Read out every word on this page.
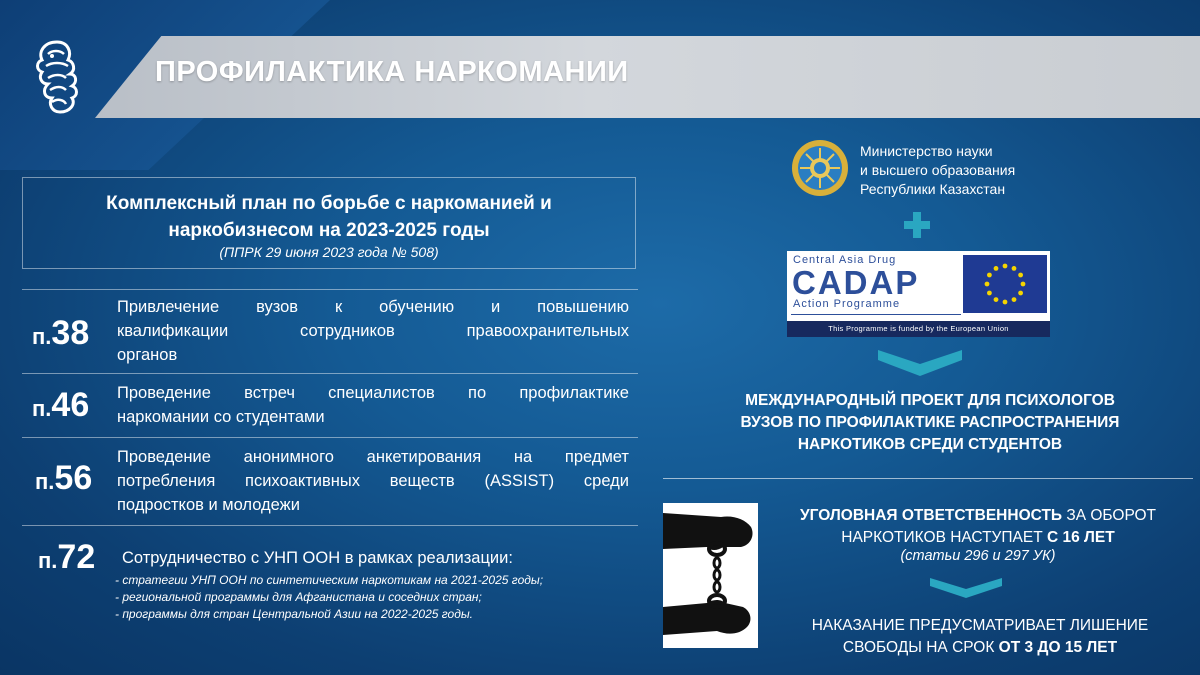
ПРОФИЛАКТИКА НАРКОМАНИИ
Комплексный план по борьбе с наркоманией и
наркобизнесом на 2023-2025 годы
(ППРК 29 июня 2023 года № 508)
п.38
Привлечение вузов к обучению и повышению
квалификации сотрудников правоохранительных
органов
п.46 Проведение встреч специалистов по профилактике
наркомании со студентами
п.56
Проведение анонимного анкетирования на предмет
потребления психоактивных веществ (ASSIST) среди
подростков и молодежи
п.72 Сотрудничество с УНП ООН в рамках реализации:
- стратегии УНП ООН по синтетическим наркотикам на 2021-2025 годы;
- региональной программы для Афганистана и соседних стран;
- программы для стран Центральной Азии на 2022-2025 годы.
Министерство науки
и высшего образования
Республики Казахстан
Central Asia Drug
CADAP
Action Programme
This Programme is funded by the European Union
МЕЖДУНАРОДНЫЙ ПРОЕКТ ДЛЯ ПСИХОЛОГОВ
ВУЗОВ ПО ПРОФИЛАКТИКЕ РАСПРОСТРАНЕНИЯ
НАРКОТИКОВ СРЕДИ СТУДЕНТОВ
УГОЛОВНАЯ ОТВЕТСТВЕННОСТЬ ЗА ОБОРОТ
НАРКОТИКОВ НАСТУПАЕТ С 16 ЛЕТ
(статьи 296 и 297 УК)
НАКАЗАНИЕ ПРЕДУСМАТРИВАЕТ ЛИШЕНИЕ
СВОБОДЫ НА СРОК ОТ 3 ДО 15 ЛЕТ
